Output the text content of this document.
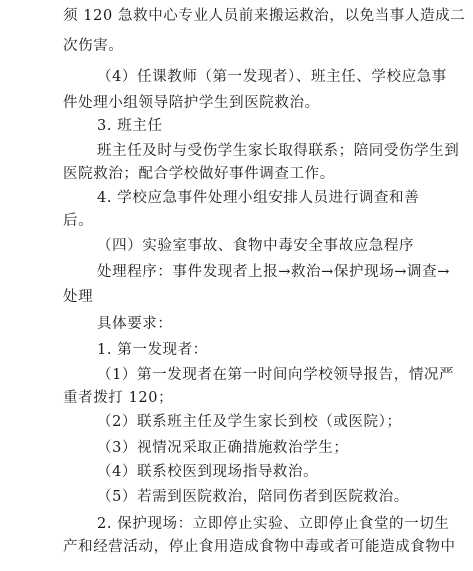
须 120 急救中心专业人员前来搬运救治，以免当事人造成二
次伤害。
（4）任课教师（第一发现者）、班主任、学校应急事
件处理小组领导陪护学生到医院救治。
3. 班主任
班主任及时与受伤学生家长取得联系；陪同受伤学生到
医院救治；配合学校做好事件调查工作。
4. 学校应急事件处理小组安排人员进行调查和善
后。
（四）实验室事故、食物中毒安全事故应急程序
处理程序：事件发现者上报→救治→保护现场→调查→
处理
具体要求：
1. 第一发现者：
（1）第一发现者在第一时间向学校领导报告，情况严
重者拨打 120；
（2）联系班主任及学生家长到校（或医院）；
（3）视情况采取正确措施救治学生；
（4）联系校医到现场指导救治。
（5）若需到医院救治，陪同伤者到医院救治。
2. 保护现场：立即停止实验、立即停止食堂的一切生
产和经营活动，停止食用造成食物中毒或者可能造成食物中
